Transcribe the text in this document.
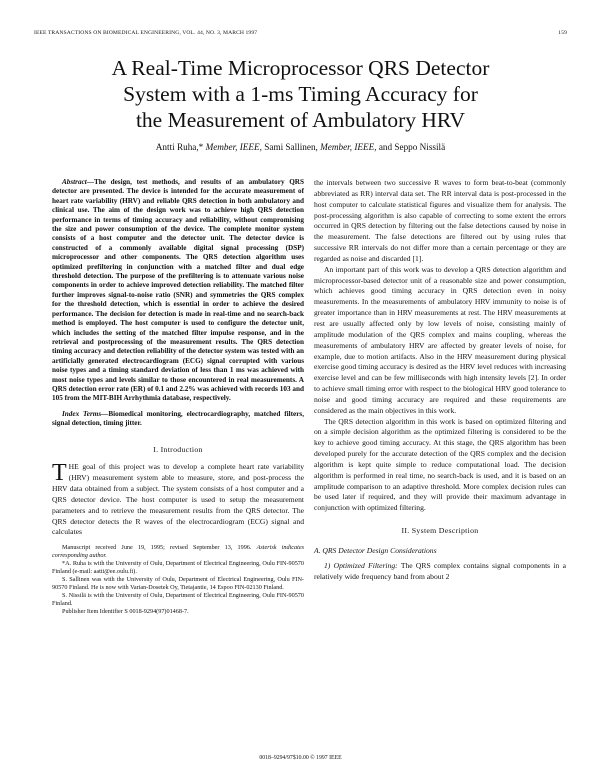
IEEE TRANSACTIONS ON BIOMEDICAL ENGINEERING, VOL. 44, NO. 3, MARCH 1997	159
A Real-Time Microprocessor QRS Detector
System with a 1-ms Timing Accuracy for
the Measurement of Ambulatory HRV
Antti Ruha,* Member, IEEE, Sami Sallinen, Member, IEEE, and Seppo Nissilä

Abstract—The design, test methods, and results of an ambulatory QRS detector are presented. The device is intended for the accurate measurement of heart rate variability (HRV) and reliable QRS detection in both ambulatory and clinical use. The aim of the design work was to achieve high QRS detection performance in terms of timing accuracy and reliability, without compromising the size and power consumption of the device. The complete monitor system consists of a host computer and the detector unit. The detector device is constructed of a commonly available digital signal processing (DSP) microprocessor and other components. The QRS detection algorithm uses optimized prefiltering in conjunction with a matched filter and dual edge threshold detection. The purpose of the prefiltering is to attenuate various noise components in order to achieve improved detection reliability. The matched filter further improves signal-to-noise ratio (SNR) and symmetries the QRS complex for the threshold detection, which is essential in order to achieve the desired performance. The decision for detection is made in real-time and no search-back method is employed. The host computer is used to configure the detector unit, which includes the setting of the matched filter impulse response, and in the retrieval and postprocessing of the measurement results. The QRS detection timing accuracy and detection reliability of the detector system was tested with an artificially generated electrocardiogram (ECG) signal corrupted with various noise types and a timing standard deviation of less than 1 ms was achieved with most noise types and levels similar to those encountered in real measurements. A QRS detection error rate (ER) of 0.1 and 2.2% was achieved with records 103 and 105 from the MIT-BIH Arrhythmia database, respectively.

Index Terms—Biomedical monitoring, electrocardiography, matched filters, signal detection, timing jitter.

I. Introduction

THE goal of this project was to develop a complete heart rate variability (HRV) measurement system able to measure, store, and post-process the HRV data obtained from a subject. The system consists of a host computer and a QRS detector device. The host computer is used to setup the measurement parameters and to retrieve the measurement results from the QRS detector. The QRS detector detects the R waves of the electrocardiogram (ECG) signal and calculates

Manuscript received June 19, 1995; revised September 13, 1996. Asterisk indicates corresponding author.

*A. Ruha is with the University of Oulu, Department of Electrical Engineering, Oulu FIN-90570 Finland (e-mail: aatti@ee.oulu.fi).

S. Sallinen was with the University of Oulu, Department of Electrical Engineering, Oulu FIN-90570 Finland. He is now with Varian-Dosetek Oy, Tietajantie, 14 Espoo FIN-02130 Finland.

S. Nissilä is with the University of Oulu, Department of Electrical Engineering, Oulu FIN-90570 Finland.

Publisher Item Identifier S 0018-9294(97)01468-7.

the intervals between two successive R waves to form beat-to-beat (commonly abbreviated as RR) interval data set. The RR interval data is post-processed in the host computer to calculate statistical figures and visualize them for analysis. The post-processing algorithm is also capable of correcting to some extent the errors occurred in QRS detection by filtering out the false detections caused by noise in the measurement. The false detections are filtered out by using rules that successive RR intervals do not differ more than a certain percentage or they are regarded as noise and discarded [1].

An important part of this work was to develop a QRS detection algorithm and microprocessor-based detector unit of a reasonable size and power consumption, which achieves good timing accuracy in QRS detection even in noisy measurements. In the measurements of ambulatory HRV immunity to noise is of greater importance than in HRV measurements at rest. The HRV measurements at rest are usually affected only by low levels of noise, consisting mainly of amplitude modulation of the QRS complex and mains coupling, whereas the measurements of ambulatory HRV are affected by greater levels of noise, for example, due to motion artifacts. Also in the HRV measurement during physical exercise good timing accuracy is desired as the HRV level reduces with increasing exercise level and can be few milliseconds with high intensity levels [2]. In order to achieve small timing error with respect to the biological HRV good tolerance to noise and good timing accuracy are required and these requirements are considered as the main objectives in this work.

The QRS detection algorithm in this work is based on optimized filtering and on a simple decision algorithm as the optimized filtering is considered to be the key to achieve good timing accuracy. At this stage, the QRS algorithm has been developed purely for the accurate detection of the QRS complex and the decision algorithm is kept quite simple to reduce computational load. The decision algorithm is performed in real time, no search-back is used, and it is based on an amplitude comparison to an adaptive threshold. More complex decision rules can be used later if required, and they will provide their maximum advantage in conjunction with optimized filtering.

II. System Description

A. QRS Detector Design Considerations

1) Optimized Filtering: The QRS complex contains signal components in a relatively wide frequency band from about 2

0018–9294/97$10.00 © 1997 IEEE
